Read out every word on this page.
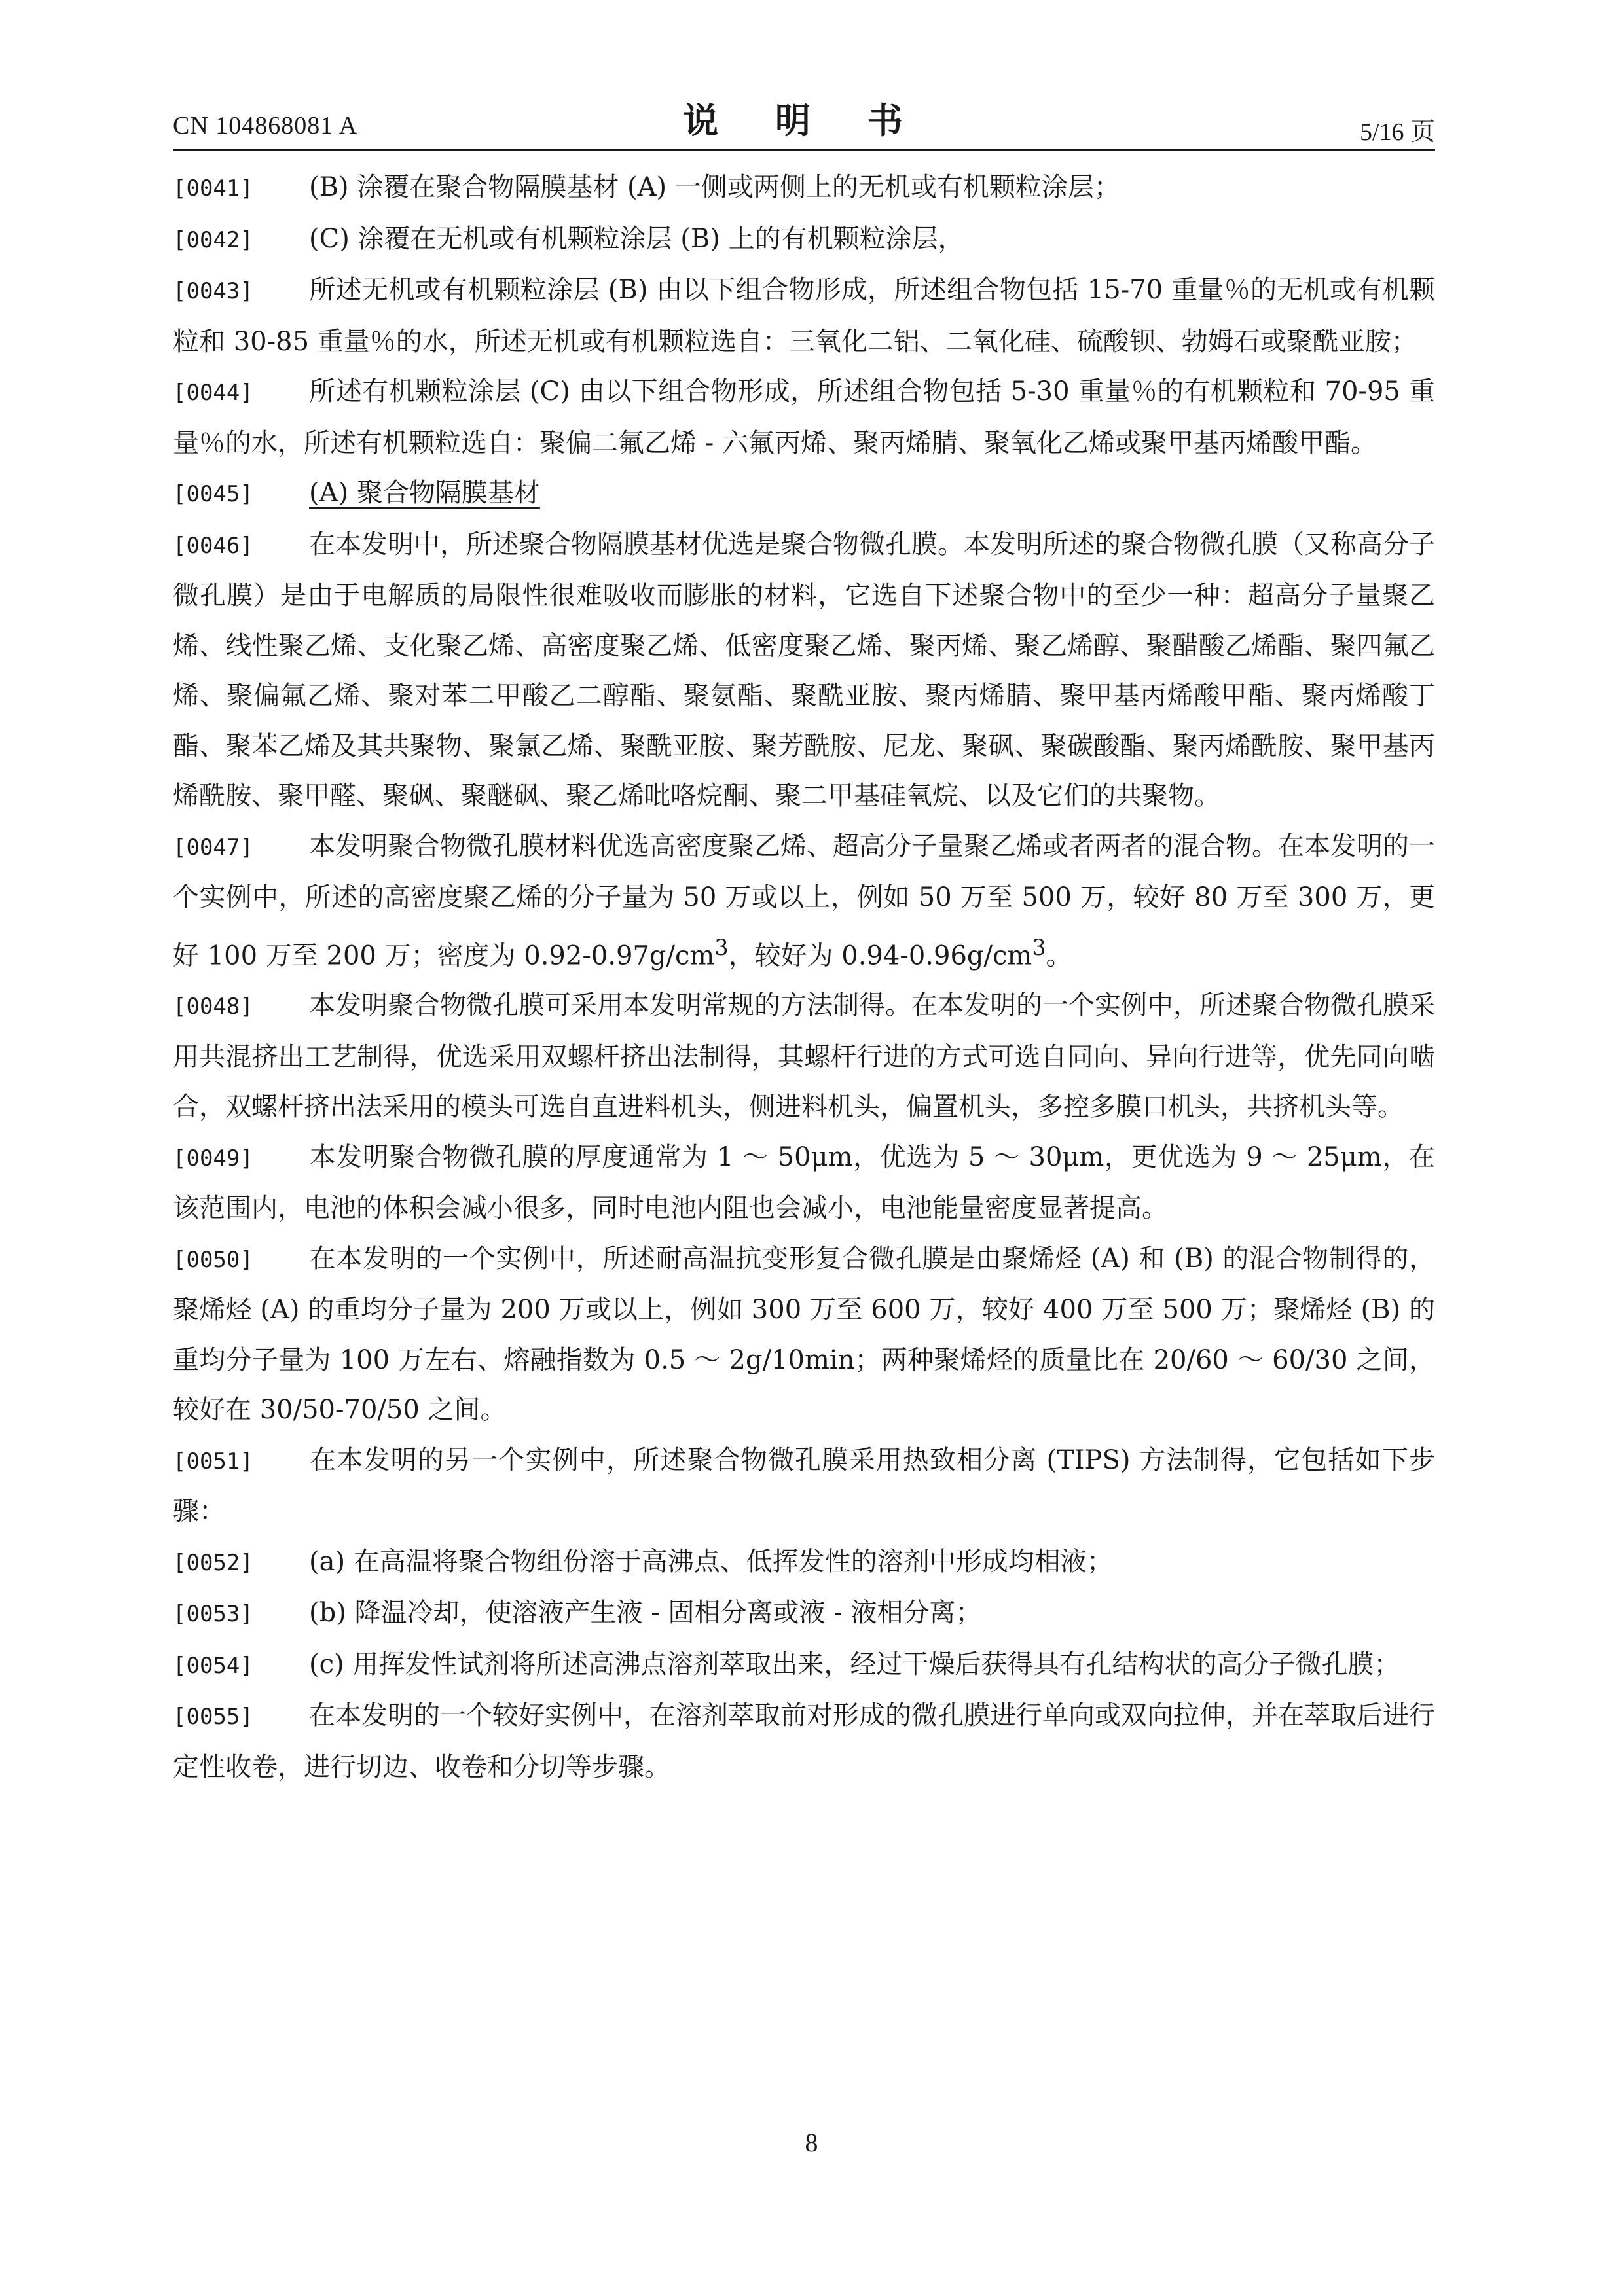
CN 104868081 A	说 明 书	5/16 页

[0041] (B) 涂覆在聚合物隔膜基材 (A) 一侧或两侧上的无机或有机颗粒涂层；

[0042] (C) 涂覆在无机或有机颗粒涂层 (B) 上的有机颗粒涂层，

[0043] 所述无机或有机颗粒涂层 (B) 由以下组合物形成，所述组合物包括 15-70 重量％的无机或有机颗粒和 30-85 重量％的水，所述无机或有机颗粒选自：三氧化二铝、二氧化硅、硫酸钡、勃姆石或聚酰亚胺；

[0044] 所述有机颗粒涂层 (C) 由以下组合物形成，所述组合物包括 5-30 重量％的有机颗粒和 70-95 重量％的水，所述有机颗粒选自：聚偏二氟乙烯 - 六氟丙烯、聚丙烯腈、聚氧化乙烯或聚甲基丙烯酸甲酯。

[0045] (A) 聚合物隔膜基材

[0046] 在本发明中，所述聚合物隔膜基材优选是聚合物微孔膜。本发明所述的聚合物微孔膜（又称高分子微孔膜）是由于电解质的局限性很难吸收而膨胀的材料，它选自下述聚合物中的至少一种：超高分子量聚乙烯、线性聚乙烯、支化聚乙烯、高密度聚乙烯、低密度聚乙烯、聚丙烯、聚乙烯醇、聚醋酸乙烯酯、聚四氟乙烯、聚偏氟乙烯、聚对苯二甲酸乙二醇酯、聚氨酯、聚酰亚胺、聚丙烯腈、聚甲基丙烯酸甲酯、聚丙烯酸丁酯、聚苯乙烯及其共聚物、聚氯乙烯、聚酰亚胺、聚芳酰胺、尼龙、聚砜、聚碳酸酯、聚丙烯酰胺、聚甲基丙烯酰胺、聚甲醛、聚砜、聚醚砜、聚乙烯吡咯烷酮、聚二甲基硅氧烷、以及它们的共聚物。

[0047] 本发明聚合物微孔膜材料优选高密度聚乙烯、超高分子量聚乙烯或者两者的混合物。在本发明的一个实例中，所述的高密度聚乙烯的分子量为 50 万或以上，例如 50 万至 500 万，较好 80 万至 300 万，更好 100 万至 200 万；密度为 $0.92-0.97g/cm^3$，较好为 $0.94-0.96g/cm^3$。

[0048] 本发明聚合物微孔膜可采用本发明常规的方法制得。在本发明的一个实例中，所述聚合物微孔膜采用共混挤出工艺制得，优选采用双螺杆挤出法制得，其螺杆行进的方式可选自同向、异向行进等，优先同向啮合，双螺杆挤出法采用的模头可选自直进料机头，侧进料机头，偏置机头，多控多膜口机头，共挤机头等。

[0049] 本发明聚合物微孔膜的厚度通常为 1 ～ 50μm，优选为 5 ～ 30μm，更优选为 9 ～ 25μm，在该范围内，电池的体积会减小很多，同时电池内阻也会减小，电池能量密度显著提高。

[0050] 在本发明的一个实例中，所述耐高温抗变形复合微孔膜是由聚烯烃 (A) 和 (B) 的混合物制得的，聚烯烃 (A) 的重均分子量为 200 万或以上，例如 300 万至 600 万，较好 400 万至 500 万；聚烯烃 (B) 的重均分子量为 100 万左右、熔融指数为 0.5 ～ 2g/10min；两种聚烯烃的质量比在 20/60 ～ 60/30 之间，较好在 30/50-70/50 之间。

[0051] 在本发明的另一个实例中，所述聚合物微孔膜采用热致相分离 (TIPS) 方法制得，它包括如下步骤：

[0052] (a) 在高温将聚合物组份溶于高沸点、低挥发性的溶剂中形成均相液；

[0053] (b) 降温冷却，使溶液产生液 - 固相分离或液 - 液相分离；

[0054] (c) 用挥发性试剂将所述高沸点溶剂萃取出来，经过干燥后获得具有孔结构状的高分子微孔膜；

[0055] 在本发明的一个较好实例中，在溶剂萃取前对形成的微孔膜进行单向或双向拉伸，并在萃取后进行定性收卷，进行切边、收卷和分切等步骤。

8
